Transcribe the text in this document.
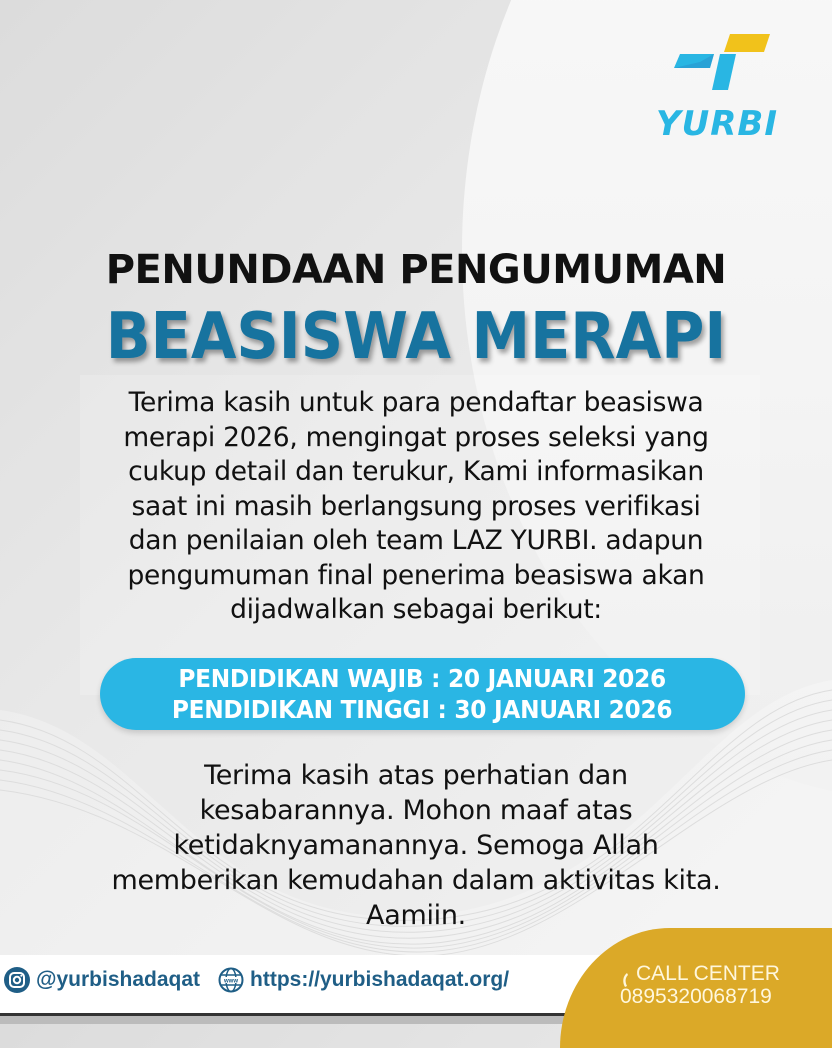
YURBI
PENUNDAAN PENGUMUMAN
BEASISWA MERAPI

Terima kasih untuk para pendaftar beasiswa

merapi 2026, mengingat proses seleksi yang

cukup detail dan terukur, Kami informasikan

saat ini masih berlangsung proses verifikasi

dan penilaian oleh team LAZ YURBI. adapun

pengumuman final penerima beasiswa akan

dijadwalkan sebagai berikut:

PENDIDIKAN WAJIB : 20 JANUARI 2026
PENDIDIKAN TINGGI : 30 JANUARI 2026

Terima kasih atas perhatian dan

kesabarannya. Mohon maaf atas

ketidaknyamanannya. Semoga Allah

memberikan kemudahan dalam aktivitas kita.

Aamiin.

@yurbishadaqat	www https://yurbishadaqat.org/	CALL CENTER
0895320068719
